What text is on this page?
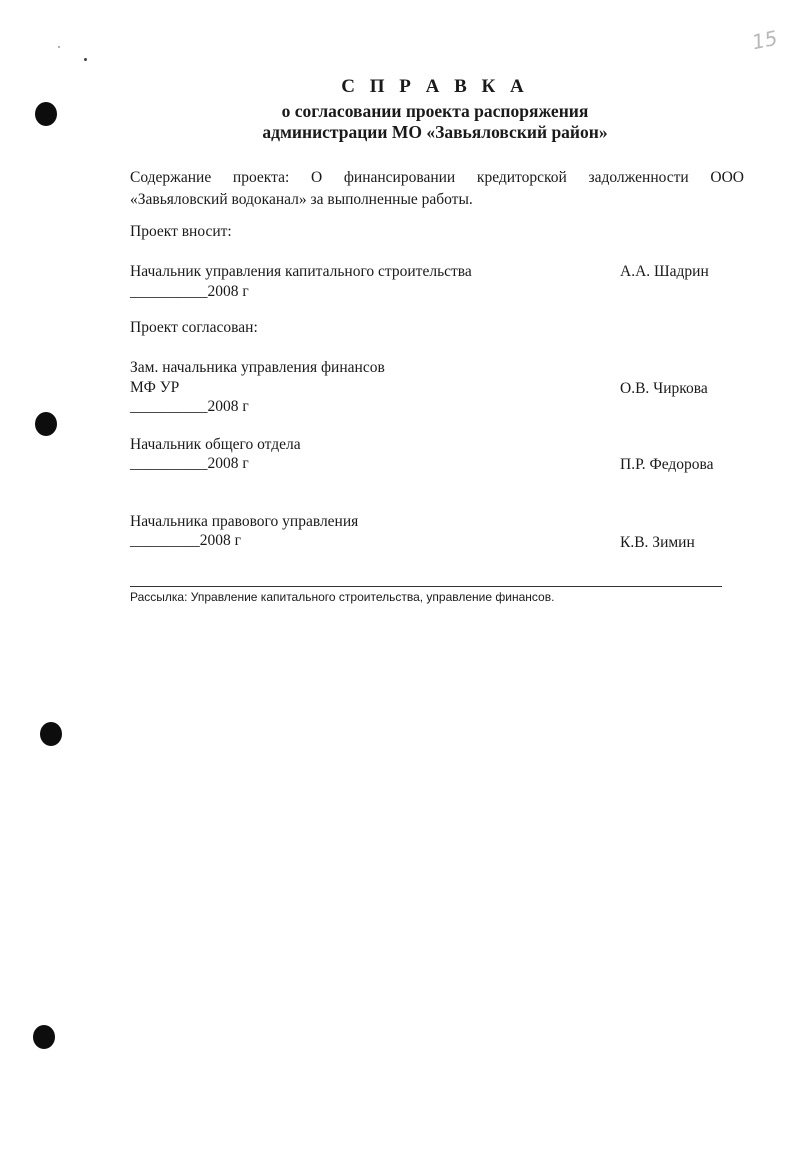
15
С П Р А В К А
о согласовании проекта распоряжения
администрации МО «Завьяловский район»
Содержание проекта: О финансировании кредиторской задолженности ООО
«Завьяловский водоканал» за выполненные работы.
Проект вносит:
Начальник управления капитального строительства
__________2008 г
А.А. Шадрин
Проект согласован:
Зам. начальника управления финансов
МФ УР
__________2008 г
О.В. Чиркова
Начальник общего отдела
__________2008 г	П.Р. Федорова
Начальника правового управления
_________2008 г	К.В. Зимин
Рассылка: Управление капитального строительства, управление финансов.
